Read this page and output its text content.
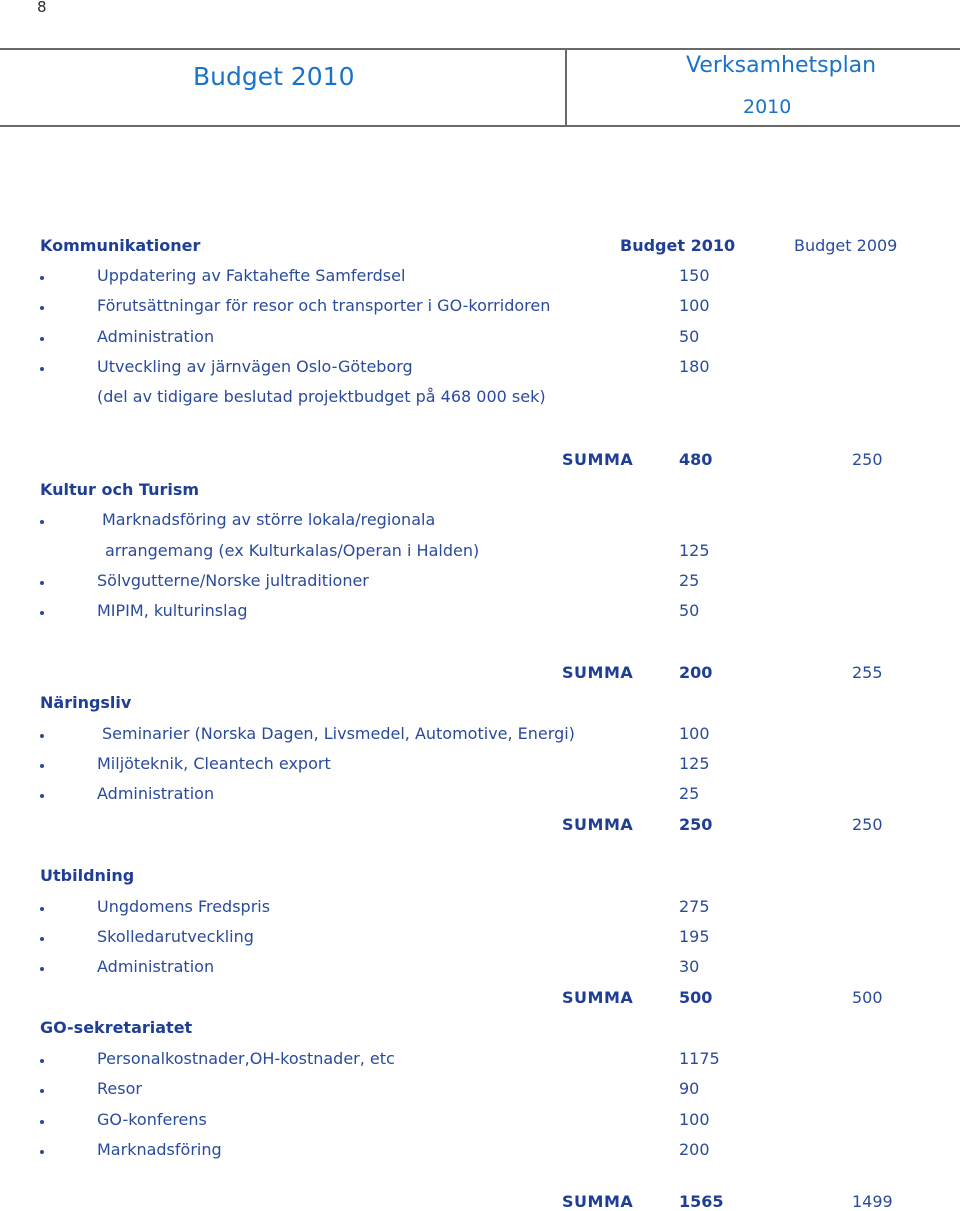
8
Budget 2010	Verksamhetsplan
2010
Kommunikationer	Budget 2010	Budget 2009
Uppdatering av Faktahefte Samferdsel	150
Förutsättningar för resor och transporter i GO-korridoren	100
Administration	50
Utveckling av järnvägen Oslo-Göteborg	180
(del av tidigare beslutad projektbudget på 468 000 sek)
SUMMA	480	250
Kultur och Turism
Marknadsföring av större lokala/regionala
arrangemang (ex Kulturkalas/Operan i Halden)	125
Sölvgutterne/Norske jultraditioner	25
MIPIM, kulturinslag	50
SUMMA	200	255
Näringsliv
Seminarier (Norska Dagen, Livsmedel, Automotive, Energi)	100
Miljöteknik, Cleantech export	125
Administration	25
SUMMA	250	250
Utbildning
Ungdomens Fredspris	275
Skolledarutveckling	195
Administration	30
SUMMA	500	500
GO-sekretariatet
Personalkostnader,OH-kostnader, etc	1175
Resor	90
GO-konferens	100
Marknadsföring	200
SUMMA	1565	1499
